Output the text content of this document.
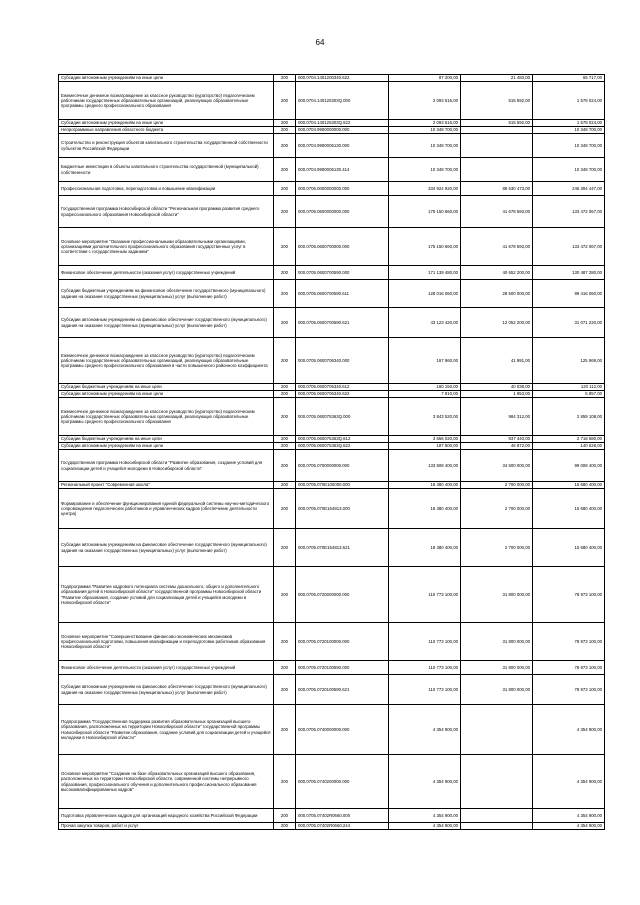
64
Субсидии автономным учреждениям на иные цели	200	000.0704.1401200340.622	87 200,00	21 483,00	65 717,00
Ежемесячное денежное вознаграждение за классное руководство (кураторство) педагогическим работникам государственных образовательных организаций, реализующих образовательные программы среднего профессионального образования	200	000.0704.140125303Q.000	2 093 616,00	515 592,00	1 578 024,00
Субсидии автономным учреждениям на иные цели	200	000.0704.140125303Q.622	2 093 616,00	515 592,00	1 578 024,00
Непрограммные направления областного бюджета	200	000.0704.9900000000.000	10 348 700,00		10 348 700,00
Строительство и реконструкция объектов капитального строительства государственной собственности субъектов Российской Федерации	200	000.0704.9900006130.000	10 348 700,00		10 348 700,00
Бюджетные инвестиции в объекты капитального строительства государственной (муниципальной) собственности	200	000.0704.9900006130.414	10 348 700,00		10 348 700,00
Профессиональная подготовка, переподготовка и повышение квалификации	200	000.0705.0000000000.000	334 924 920,00	88 530 473,00	246 394 447,00
Государственная программа Новосибирской области "Региональная программа развития среднего профессионального образования Новосибирской области"	200	000.0705.0600000000.000	175 150 660,00	41 678 593,00	133 472 067,00
Основное мероприятие "Оказание профессиональными образовательными организациями, организациями дополнительного профессионального образования государственных услуг в соответствии с государственным заданием"	200	000.0705.0600700000.000	175 150 660,00	41 678 593,00	133 472 067,00
Финансовое обеспечение деятельности (оказания услуг) государственных учреждений	200	000.0705.0600700590.000	171 139 480,00	40 652 200,00	130 487 280,00
Субсидии бюджетным учреждениям на финансовое обеспечение государственного (муниципального) задания на оказание государственных (муниципальных) услуг (выполнение работ)	200	000.0705.0600700590.611	128 016 060,00	28 600 000,00	99 416 060,00
Субсидии автономным учреждениям на финансовое обеспечение государственного (муниципального) задания на оказание государственных (муниципальных) услуг (выполнение работ)	200	000.0705.0600700590.621	43 123 420,00	12 052 200,00	31 071 220,00
Ежемесячное денежное вознаграждение за классное руководство (кураторство) педагогическим работникам государственных образовательных организаций, реализующих образовательные программы среднего профессионального образования в части повышенного районного коэффициента	200	000.0705.0600706340.000	167 960,00	41 991,00	125 969,00
Субсидии бюджетным учреждениям на иные цели	200	000.0705.0600706340.612	160 150,00	40 038,00	120 112,00
Субсидии автономным учреждениям на иные цели	200	000.0705.0600706340.622	7 810,00	1 953,00	5 857,00
Ежемесячное денежное вознаграждение за классное руководство (кураторство) педагогическим работникам государственных образовательных организаций, реализующих образовательные программы среднего профессионального образования	200	000.0705.060075363Q.000	3 843 520,00	984 312,00	2 859 108,00
Субсидии бюджетным учреждениям на иные цели	200	000.0705.060075363Q.612	3 656 020,00	937 440,00	2 718 580,00
Субсидии автономным учреждениям на иные цели	200	000.0705.060075363Q.622	187 500,00	46 872,00	140 628,00
Государственная программа Новосибирской области "Развитие образования, создание условий для социализации детей и учащейся молодежи в Новосибирской области"	200	000.0705.0700000000.000	133 508 400,00	34 500 000,00	99 008 400,00
Региональный проект "Современная школа"	200	000.0705.070E100000.000	18 380 400,00	2 700 000,00	15 680 400,00
Формирование и обеспечение функционирования единой федеральной системы научно-методического сопровождения педагогических работников и управленческих кадров (обеспечение деятельности центра)	200	000.0705.070E154813.000	18 380 400,00	2 700 000,00	15 680 400,00
Субсидии автономным учреждениям на финансовое обеспечение государственного (муниципального) задания на оказание государственных (муниципальных) услуг (выполнение работ)	200	000.0705.070E154813.621	18 380 400,00	2 700 000,00	15 680 400,00
Подпрограмма "Развитие кадрового потенциала системы дошкольного, общего и дополнительного образования детей в Новосибирской области" государственной программы Новосибирской области "Развитие образования, создание условий для социализации детей и учащейся молодежи в Новосибирской области"	200	000.0705.0720000000.000	110 773 100,00	31 800 000,00	78 973 100,00
Основное мероприятие "Совершенствование финансово-экономических механизмов профессиональной подготовки, повышения квалификации и переподготовки работников образования Новосибирской области"	200	000.0705.0720100000.000	110 773 100,00	31 800 000,00	78 973 100,00
Финансовое обеспечение деятельности (оказания услуг) государственных учреждений	200	000.0705.0720100590.000	110 773 100,00	31 800 000,00	78 973 100,00
Субсидии автономным учреждениям на финансовое обеспечение государственного (муниципального) задания на оказание государственных (муниципальных) услуг (выполнение работ)	200	000.0705.0720100590.621	110 773 100,00	31 800 000,00	78 973 100,00
Подпрограмма "Государственная поддержка развития образовательных организаций высшего образования, расположенных на территории Новосибирской области" государственной программы Новосибирской области "Развитие образования, создание условий для социализации детей и учащейся молодежи в Новосибирской области"	200	000.0705.0740000000.000	4 354 900,00		4 354 900,00
Основное мероприятие "Создание на базе образовательных организаций высшего образования, расположенных на территории Новосибирской области, современной системы непрерывного образования, профессионального обучения и дополнительного профессионального образования высококвалифицированных кадров"	200	000.0705.0740200000.000	4 354 900,00		4 354 900,00
Подготовка управленческих кадров для организаций народного хозяйства Российской Федерации	200	000.0705.07402R0660.000	4 354 900,00		4 354 900,00
Прочая закупка товаров, работ и услуг	200	000.0705.07402R0660.244	4 354 900,00		4 354 900,00
